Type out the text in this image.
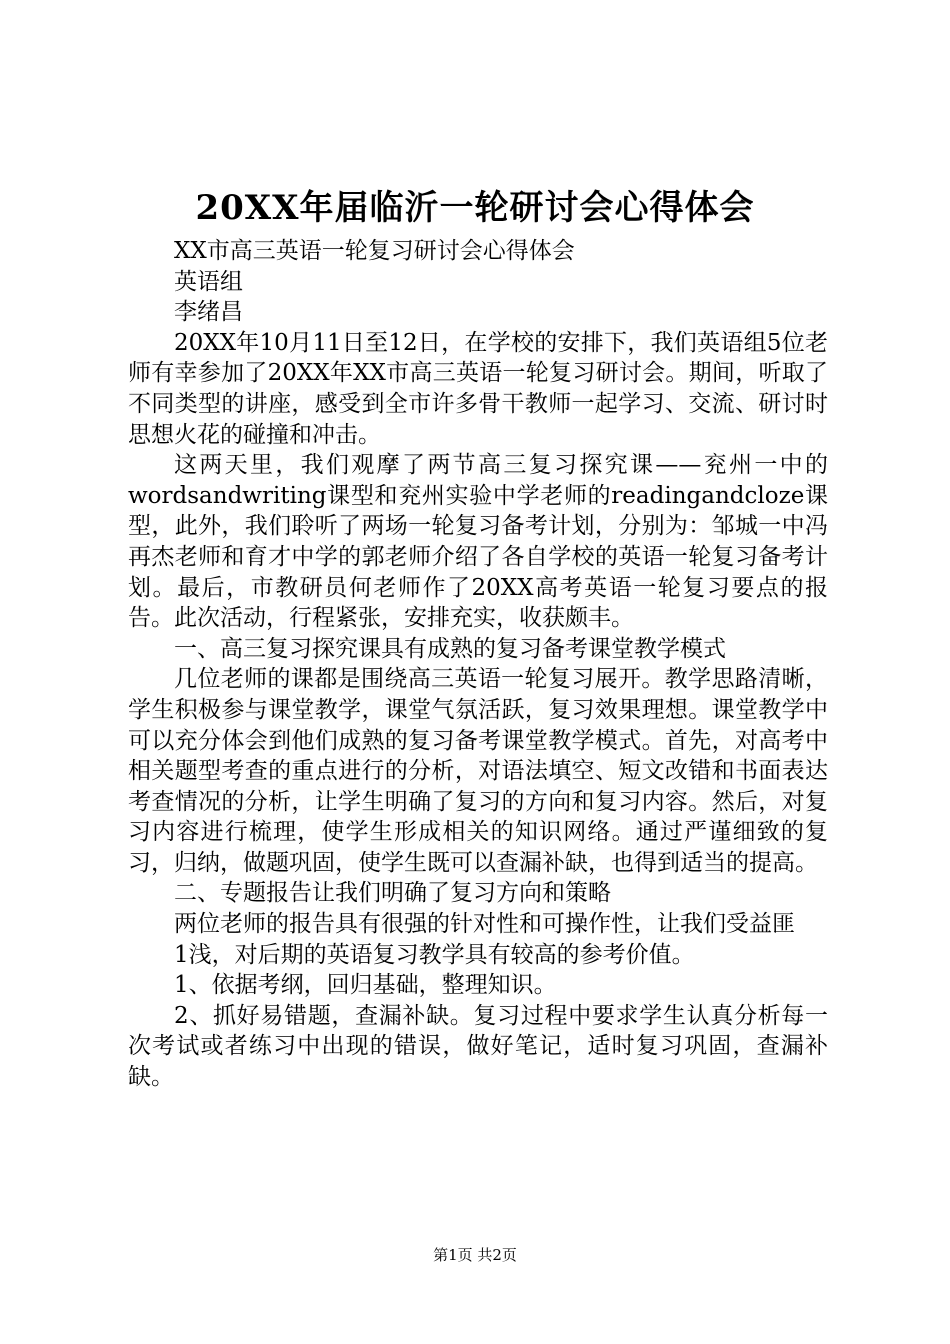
20XX年届临沂一轮研讨会心得体会

XX市高三英语一轮复习研讨会心得体会

英语组

李绪昌

20XX年10月11日至12日，在学校的安排下，我们英语组5位老师有幸参加了20XX年XX市高三英语一轮复习研讨会。期间，听取了不同类型的讲座，感受到全市许多骨干教师一起学习、交流、研讨时思想火花的碰撞和冲击。

这两天里，我们观摩了两节高三复习探究课——兖州一中的wordsandwriting课型和兖州实验中学老师的readingandcloze课型，此外，我们聆听了两场一轮复习备考计划，分别为：邹城一中冯再杰老师和育才中学的郭老师介绍了各自学校的英语一轮复习备考计划。最后，市教研员何老师作了20XX高考英语一轮复习要点的报告。此次活动，行程紧张，安排充实，收获颇丰。

一、高三复习探究课具有成熟的复习备考课堂教学模式

几位老师的课都是围绕高三英语一轮复习展开。教学思路清晰，学生积极参与课堂教学，课堂气氛活跃，复习效果理想。课堂教学中可以充分体会到他们成熟的复习备考课堂教学模式。首先，对高考中相关题型考查的重点进行的分析，对语法填空、短文改错和书面表达考查情况的分析，让学生明确了复习的方向和复习内容。然后，对复习内容进行梳理，使学生形成相关的知识网络。通过严谨细致的复习，归纳，做题巩固，使学生既可以查漏补缺，也得到适当的提高。

二、专题报告让我们明确了复习方向和策略

两位老师的报告具有很强的针对性和可操作性，让我们受益匪

1浅，对后期的英语复习教学具有较高的参考价值。

1、依据考纲，回归基础，整理知识。

2、抓好易错题，查漏补缺。复习过程中要求学生认真分析每一次考试或者练习中出现的错误，做好笔记，适时复习巩固，查漏补缺。

第1页 共2页
